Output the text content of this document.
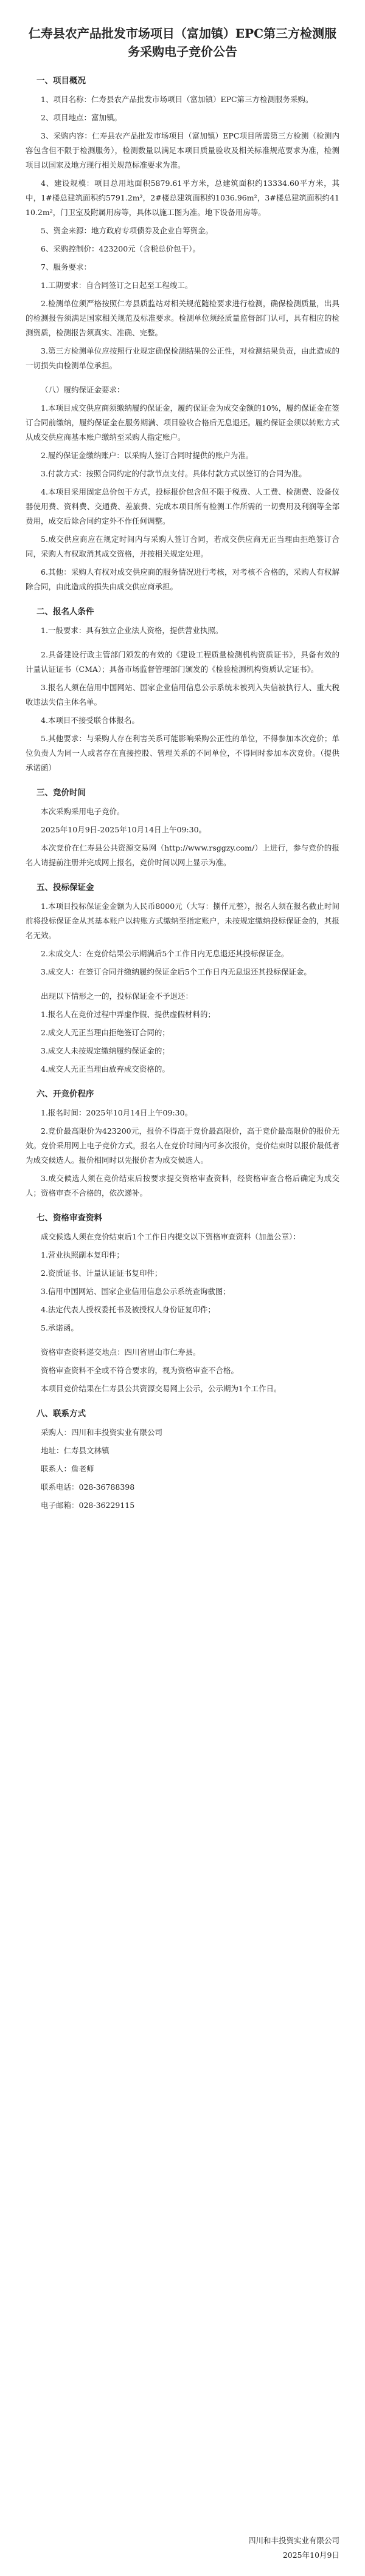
仁寿县农产品批发市场项目（富加镇）EPC第三方检测服务采购电子竞价公告
一、项目概况
1、项目名称：仁寿县农产品批发市场项目（富加镇）EPC第三方检测服务采购。
2、项目地点：富加镇。
3、采购内容：仁寿县农产品批发市场项目（富加镇）EPC项目所需第三方检测（检测内容包含但不限于检测服务），检测数量以满足本项目质量验收及相关标准规范要求为准，检测项目以国家及地方现行相关规范标准要求为准。
4、建设规模：项目总用地面积5879.61平方米，总建筑面积约13334.60平方米，其中，1#楼总建筑面积约5791.2m²，2#楼总建筑面积约1036.96m²，3#楼总建筑面积约4110.2m²，门卫室及附属用房等，具体以施工图为准。地下设备用房等。
5、资金来源：地方政府专项债券及企业自筹资金。
6、采购控制价：423200元（含税总价包干）。
7、服务要求：
1.工期要求：自合同签订之日起至工程竣工。
2.检测单位须严格按照仁寿县质监站对相关规范随检要求进行检测，确保检测质量，出具的检测报告须满足国家相关规范及标准要求。检测单位须经质量监督部门认可，具有相应的检测资质，检测报告须真实、准确、完整。
3.第三方检测单位应按照行业规定确保检测结果的公正性，对检测结果负责，由此造成的一切损失由检测单位承担。
（八）履约保证金要求：
1.本项目成交供应商须缴纳履约保证金，履约保证金为成交金额的10%，履约保证金在签订合同前缴纳，履约保证金在服务期满、项目验收合格后无息退还。履约保证金须以转账方式从成交供应商基本账户缴纳至采购人指定账户。
2.履约保证金缴纳账户：以采购人签订合同时提供的账户为准。
3.付款方式：按照合同约定的付款节点支付。具体付款方式以签订的合同为准。
4.本项目采用固定总价包干方式，投标报价包含但不限于税费、人工费、检测费、设备仪器使用费、资料费、交通费、差旅费、完成本项目所有检测工作所需的一切费用及利润等全部费用，成交后除合同约定外不作任何调整。
5.成交供应商应在规定时间内与采购人签订合同，若成交供应商无正当理由拒绝签订合同，采购人有权取消其成交资格，并按相关规定处理。
6.其他：采购人有权对成交供应商的服务情况进行考核，对考核不合格的，采购人有权解除合同，由此造成的损失由成交供应商承担。
二、报名人条件
1.一般要求：具有独立企业法人资格，提供营业执照。
2.具备建设行政主管部门颁发的有效的《建设工程质量检测机构资质证书》，具备有效的计量认证证书（CMA）；具备市场监督管理部门颁发的《检验检测机构资质认定证书》。
3.报名人须在信用中国网站、国家企业信用信息公示系统未被列入失信被执行人、重大税收违法失信主体名单。
4.本项目不接受联合体报名。
5.其他要求：与采购人存在利害关系可能影响采购公正性的单位，不得参加本次竞价；单位负责人为同一人或者存在直接控股、管理关系的不同单位，不得同时参加本次竞价。（提供承诺函）
三、竞价时间
本次采购采用电子竞价。
2025年10月9日-2025年10月14日上午09:30。
本次竞价在仁寿县公共资源交易网（http://www.rsggzy.com/）上进行，参与竞价的报名人请提前注册并完成网上报名，竞价时间以网上显示为准。
五、投标保证金
1.本项目投标保证金金额为人民币8000元（大写：捌仟元整），报名人须在报名截止时间前将投标保证金从其基本账户以转账方式缴纳至指定账户，未按规定缴纳投标保证金的，其报名无效。
2.未成交人：在竞价结果公示期满后5个工作日内无息退还其投标保证金。
3.成交人：在签订合同并缴纳履约保证金后5个工作日内无息退还其投标保证金。
出现以下情形之一的，投标保证金不予退还：
1.报名人在竞价过程中弄虚作假、提供虚假材料的；
2.成交人无正当理由拒绝签订合同的；
3.成交人未按规定缴纳履约保证金的；
4.成交人无正当理由放弃成交资格的。
六、开竞价程序
1.报名时间：2025年10月14日上午09:30。
2.竞价最高限价为423200元，报价不得高于竞价最高限价，高于竞价最高限价的报价无效。竞价采用网上电子竞价方式，报名人在竞价时间内可多次报价，竞价结束时以报价最低者为成交候选人。报价相同时以先报价者为成交候选人。
3.成交候选人须在竞价结束后按要求提交资格审查资料，经资格审查合格后确定为成交人；资格审查不合格的，依次递补。
七、资格审查资料
成交候选人须在竞价结束后1个工作日内提交以下资格审查资料（加盖公章）：
1.营业执照副本复印件；
2.资质证书、计量认证证书复印件；
3.信用中国网站、国家企业信用信息公示系统查询截图；
4.法定代表人授权委托书及被授权人身份证复印件；
5.承诺函。
资格审查资料递交地点：四川省眉山市仁寿县。
资格审查资料不全或不符合要求的，视为资格审查不合格。
本项目竞价结果在仁寿县公共资源交易网上公示，公示期为1个工作日。
八、联系方式
采购人：四川和丰投资实业有限公司
地址：仁寿县文林镇
联系人：詹老师
联系电话：028-36788398
电子邮箱：028-36229115
四川和丰投资实业有限公司
2025年10月9日
